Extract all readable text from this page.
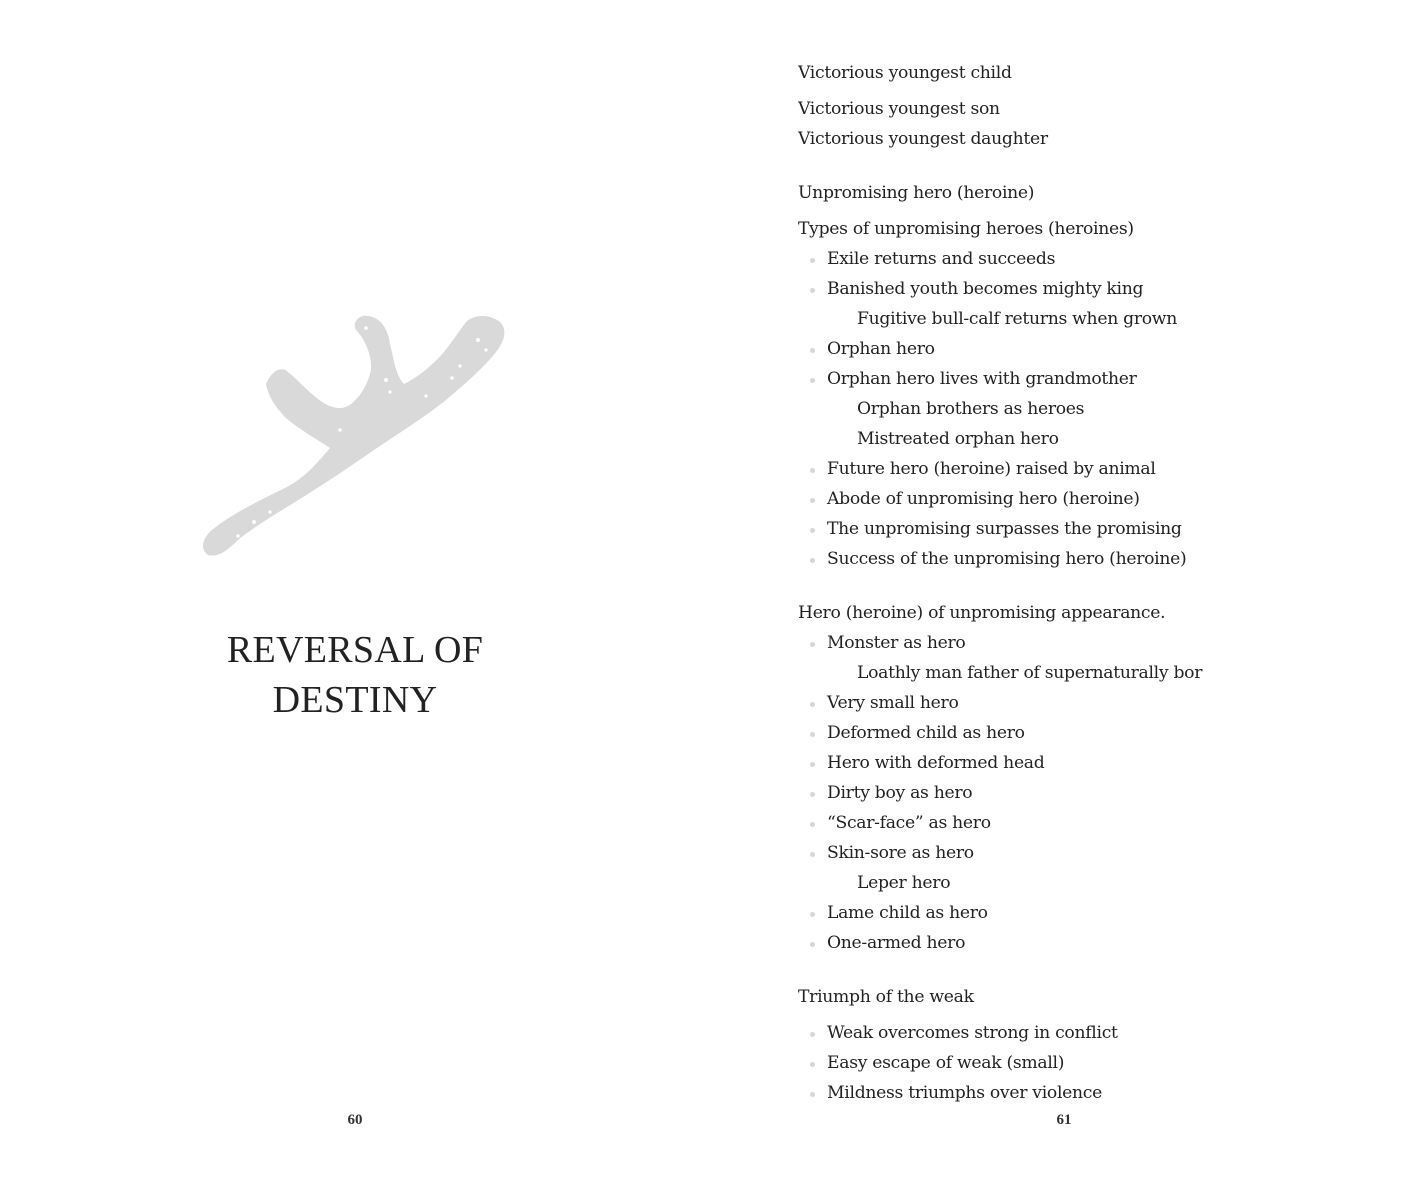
REVERSAL OF
DESTINY
60
Victorious youngest child
Victorious youngest son
Victorious youngest daughter
Unpromising hero (heroine)
Types of unpromising heroes (heroines)
Exile returns and succeeds
Banished youth becomes mighty king
Fugitive bull-calf returns when grown
Orphan hero
Orphan hero lives with grandmother
Orphan brothers as heroes
Mistreated orphan hero
Future hero (heroine) raised by animal
Abode of unpromising hero (heroine)
The unpromising surpasses the promising
Success of the unpromising hero (heroine)
Hero (heroine) of unpromising appearance.
Monster as hero
Loathly man father of supernaturally bor
Very small hero
Deformed child as hero
Hero with deformed head
Dirty boy as hero
“Scar-face” as hero
Skin-sore as hero
Leper hero
Lame child as hero
One-armed hero
Triumph of the weak
Weak overcomes strong in conflict
Easy escape of weak (small)
Mildness triumphs over violence
61
